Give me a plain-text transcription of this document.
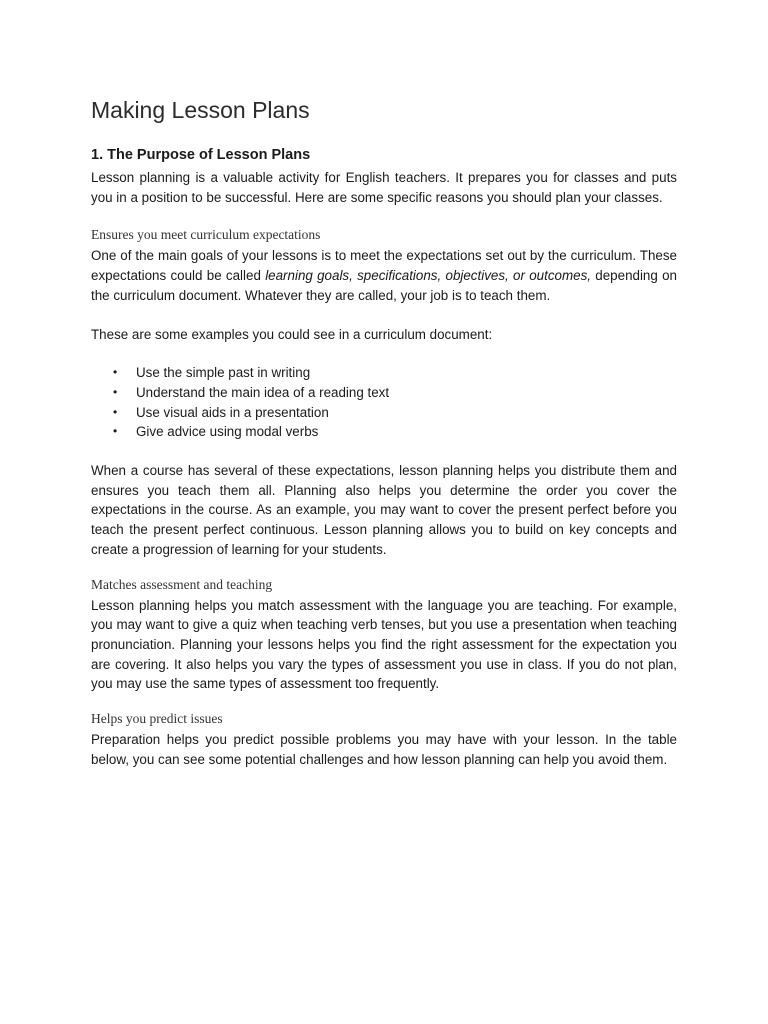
Making Lesson Plans
1. The Purpose of Lesson Plans

Lesson planning is a valuable activity for English teachers. It prepares you for classes and puts you in a position to be successful. Here are some specific reasons you should plan your classes.

Ensures you meet curriculum expectations

One of the main goals of your lessons is to meet the expectations set out by the curriculum. These expectations could be called learning goals, specifications, objectives, or outcomes, depending on the curriculum document. Whatever they are called, your job is to teach them.

These are some examples you could see in a curriculum document:

• Use the simple past in writing
• Understand the main idea of a reading text
• Use visual aids in a presentation
• Give advice using modal verbs

When a course has several of these expectations, lesson planning helps you distribute them and ensures you teach them all. Planning also helps you determine the order you cover the expectations in the course. As an example, you may want to cover the present perfect before you teach the present perfect continuous. Lesson planning allows you to build on key concepts and create a progression of learning for your students.

Matches assessment and teaching

Lesson planning helps you match assessment with the language you are teaching. For example, you may want to give a quiz when teaching verb tenses, but you use a presentation when teaching pronunciation. Planning your lessons helps you find the right assessment for the expectation you are covering. It also helps you vary the types of assessment you use in class. If you do not plan, you may use the same types of assessment too frequently.

Helps you predict issues

Preparation helps you predict possible problems you may have with your lesson. In the table below, you can see some potential challenges and how lesson planning can help you avoid them.
